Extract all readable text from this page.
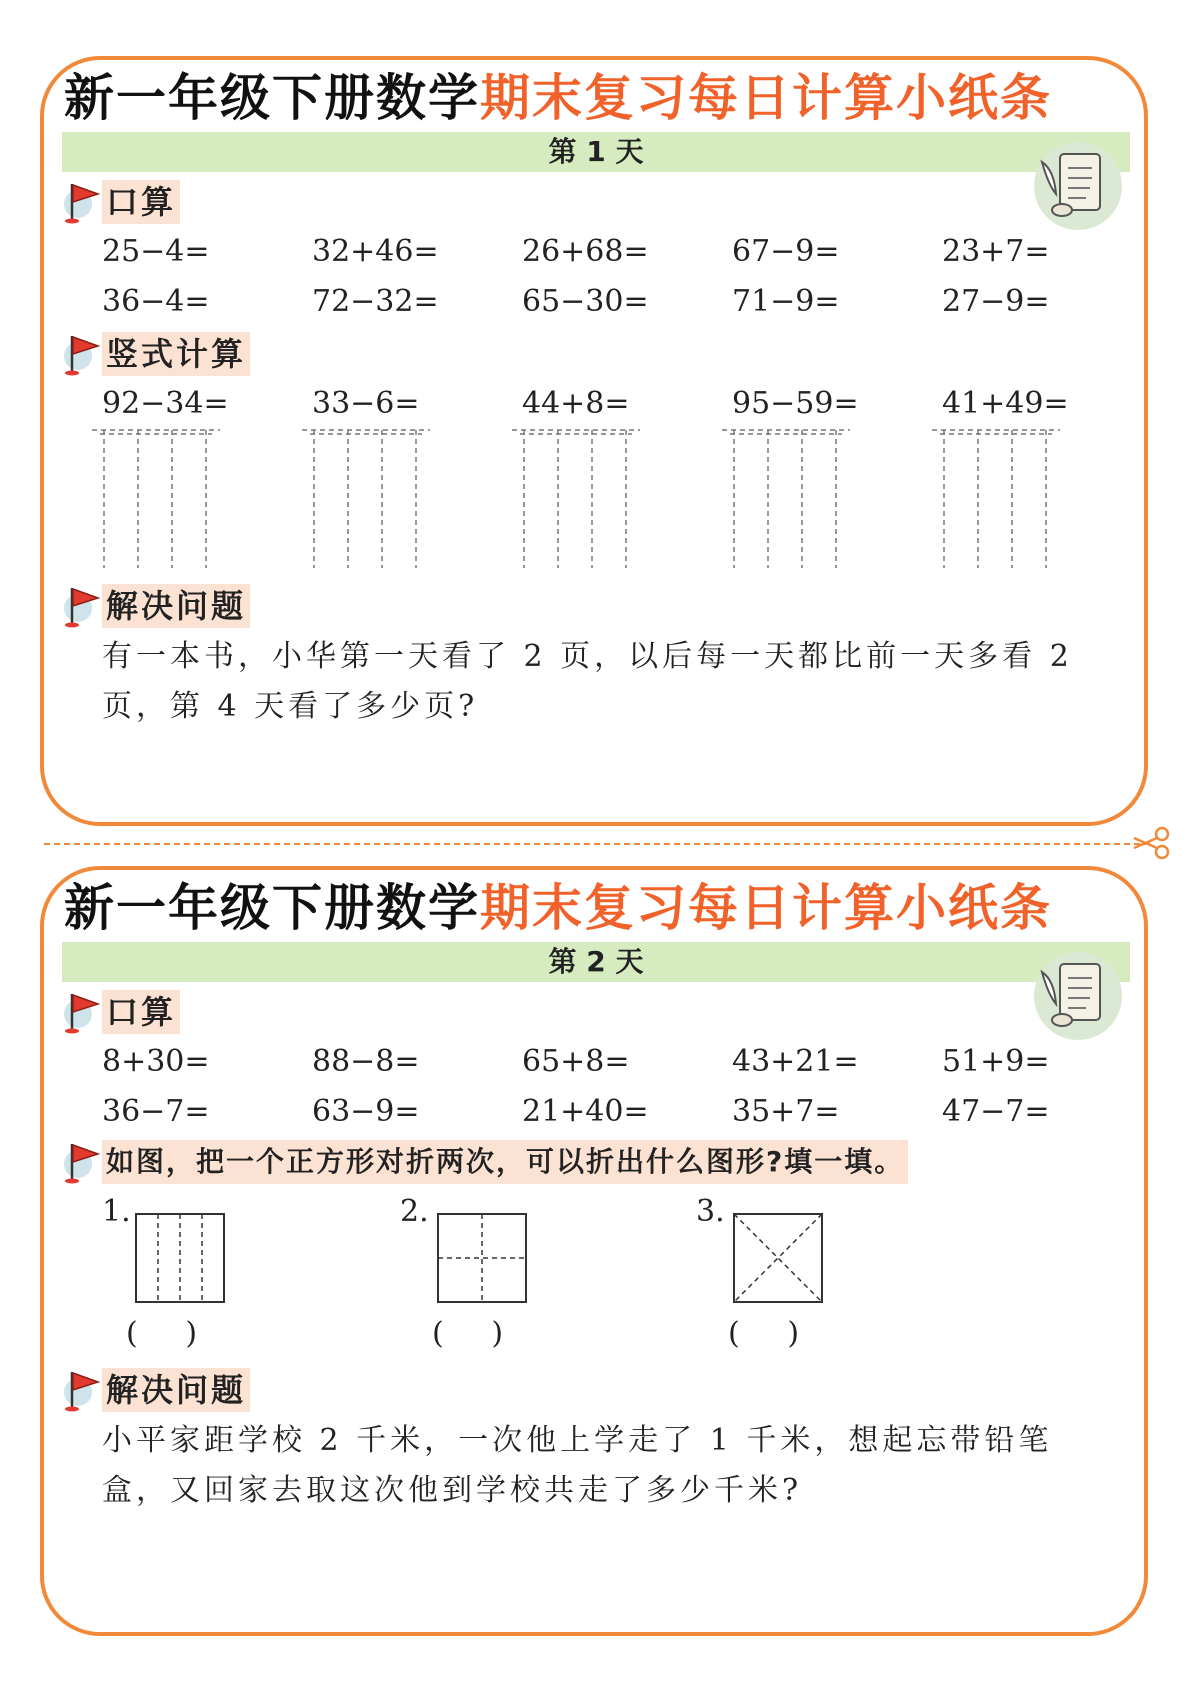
新一年级下册数学期末复习每日计算小纸条
第 1 天
口算
25−4=	32+46=	26+68=	67−9=	23+7=
36−4=	72−32=	65−30=	71−9=	27−9=
竖式计算
92−34=	33−6=	44+8=	95−59=	41+49=
解决问题
有一本书，小华第一天看了 2 页，以后每一天都比前一天多看 2 页，第 4 天看了多少页?
新一年级下册数学期末复习每日计算小纸条
第 2 天
口算
8+30=	88−8=	65+8=	43+21=	51+9=
36−7=	63−9=	21+40=	35+7=	47−7=
如图，把一个正方形对折两次，可以折出什么图形?填一填。
1.
(     )
2.
(     )
3.
(     )
解决问题
小平家距学校 2 千米，一次他上学走了 1 千米，想起忘带铅笔盒，又回家去取这次他到学校共走了多少千米?
